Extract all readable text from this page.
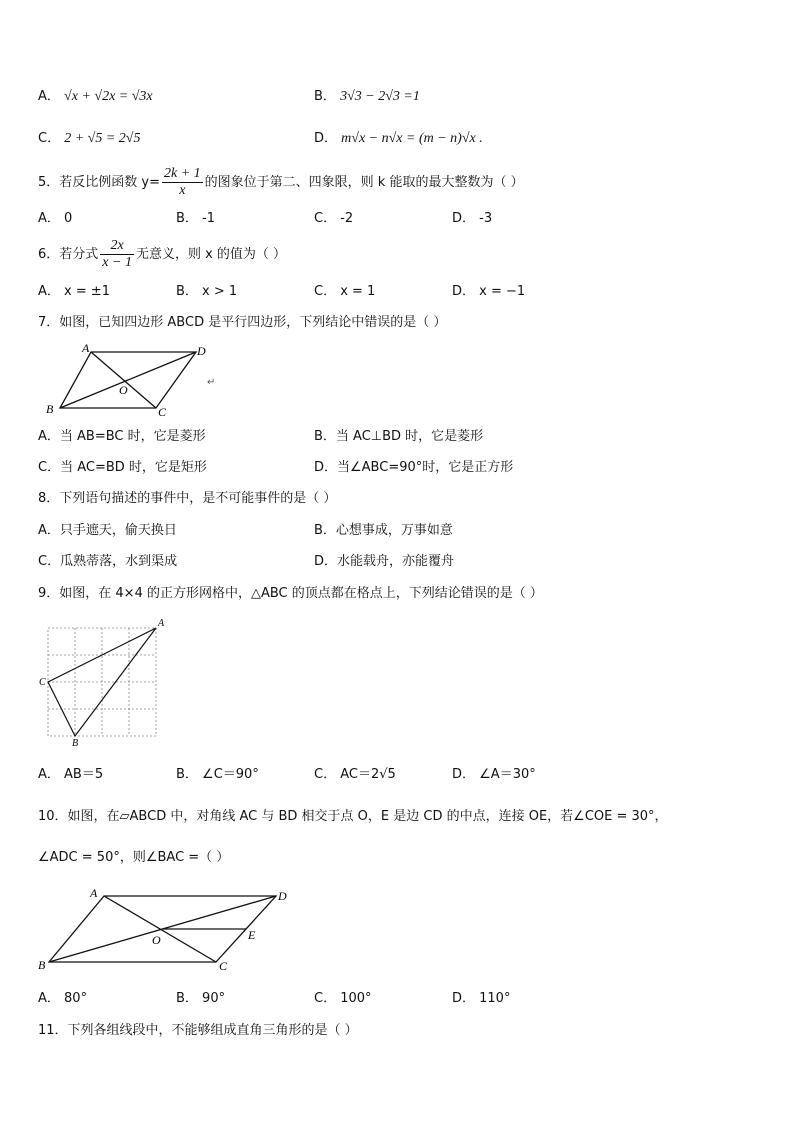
A． √x + √2x = √3x	B． 3√3 − 2√3 =1
C． 2 + √5 = 2√5	D． m√x − n√x = (m − n)√x .
5．若反比例函数 $y= \frac{2k + 1}{x}$ 的图象位于第二、四象限，则 k 能取的最大整数为（ ）
A． 0	B． -1	C． -2	D． -3
6．若分式 $\frac{2x}{x - 1}$ 无意义，则 x 的值为（ ）
A． x = ±1	B． x > 1	C． x = 1	D． x = −1
7．如图，已知四边形 ABCD 是平行四边形，下列结论中错误的是（ ）
A	D
B	C
O
↵
A．当 AB=BC 时，它是菱形	B．当 AC⊥BD 时，它是菱形
C．当 AC=BD 时，它是矩形	D．当∠ABC=90°时，它是正方形
8．下列语句描述的事件中，是不可能事件的是（ ）
A．只手遮天，偷天换日	B．心想事成，万事如意
C．瓜熟蒂落，水到渠成	D．水能载舟，亦能覆舟
9．如图，在 4×4 的正方形网格中，△ABC 的顶点都在格点上，下列结论错误的是（ ）
A
C
B
A． AB＝5	B． ∠C＝90°	C． AC＝2√5	D． ∠A＝30°
10．如图，在▱ABCD 中，对角线 AC 与 BD 相交于点 O，E 是边 CD 的中点，连接 OE，若∠COE = 30°，
∠ADC = 50°，则∠BAC =（ ）
A	D
B	C
E
O
A． 80°	B． 90°	C． 100°	D． 110°
11．下列各组线段中，不能够组成直角三角形的是（ ）
